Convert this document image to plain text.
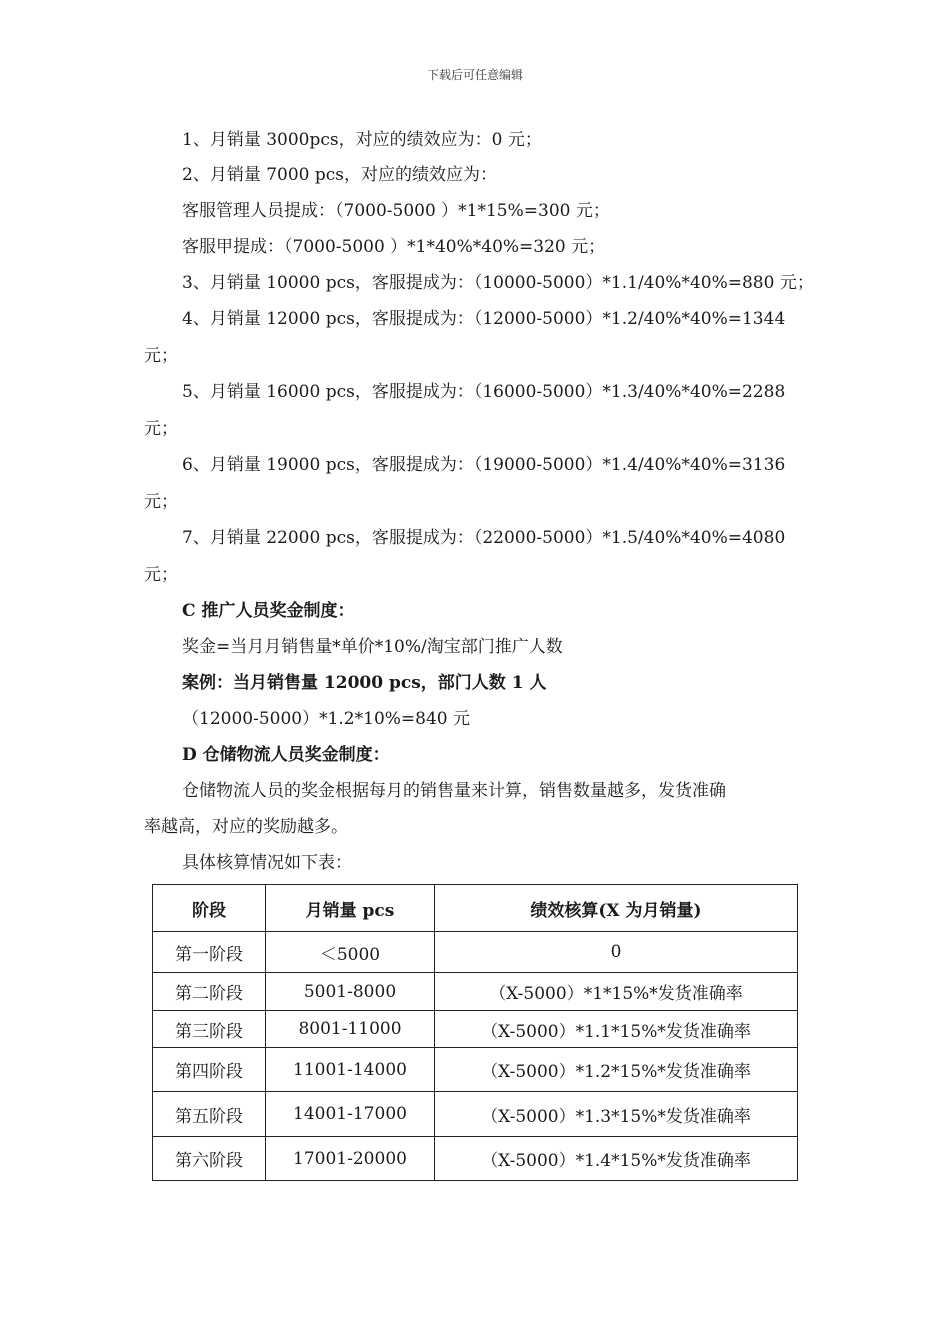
下载后可任意编辑
1、月销量 3000pcs，对应的绩效应为：0 元；
2、月销量 7000 pcs，对应的绩效应为：
客服管理人员提成：（7000-5000 ）*1*15%=300 元；
客服甲提成：（7000-5000 ）*1*40%*40%=320 元；
3、月销量 10000 pcs，客服提成为：（10000-5000）*1.1/40%*40%=880 元；
4、月销量 12000 pcs，客服提成为：（12000-5000）*1.2/40%*40%=1344
元；
5、月销量 16000 pcs，客服提成为：（16000-5000）*1.3/40%*40%=2288
元；
6、月销量 19000 pcs，客服提成为：（19000-5000）*1.4/40%*40%=3136
元；
7、月销量 22000 pcs，客服提成为：（22000-5000）*1.5/40%*40%=4080
元；
C 推广人员奖金制度：
奖金=当月月销售量*单价*10%/淘宝部门推广人数
案例：当月销售量 12000 pcs，部门人数 1 人
（12000-5000）*1.2*10%=840 元
D 仓储物流人员奖金制度：
仓储物流人员的奖金根据每月的销售量来计算，销售数量越多，发货准确
率越高，对应的奖励越多。
具体核算情况如下表：
阶段	月销量 pcs	绩效核算(X 为月销量)
第一阶段	＜5000	0
第二阶段	5001-8000	（X-5000）*1*15%*发货准确率
第三阶段	8001-11000	（X-5000）*1.1*15%*发货准确率
第四阶段	11001-14000	（X-5000）*1.2*15%*发货准确率
第五阶段	14001-17000	（X-5000）*1.3*15%*发货准确率
第六阶段	17001-20000	（X-5000）*1.4*15%*发货准确率
